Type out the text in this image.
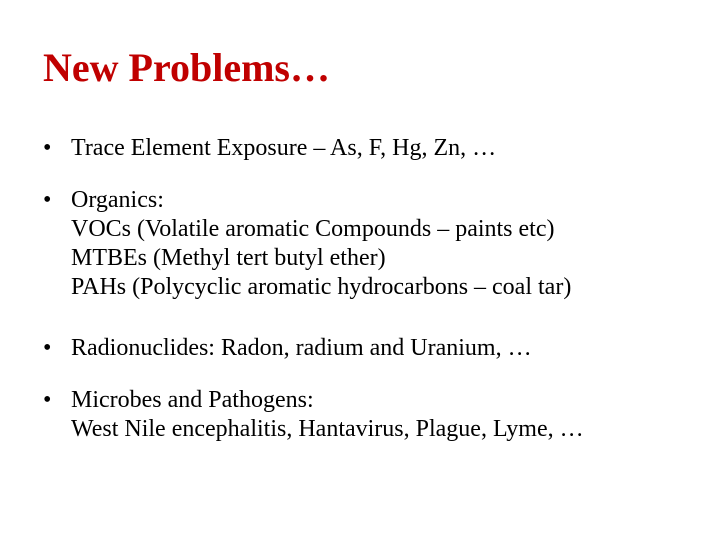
New Problems…
• Trace Element Exposure – As, F, Hg, Zn, …
• Organics:
VOCs (Volatile aromatic Compounds – paints etc)
MTBEs (Methyl tert butyl ether)
PAHs (Polycyclic aromatic hydrocarbons – coal tar)
• Radionuclides: Radon, radium and Uranium, …
• Microbes and Pathogens:
West Nile encephalitis, Hantavirus, Plague, Lyme, …
